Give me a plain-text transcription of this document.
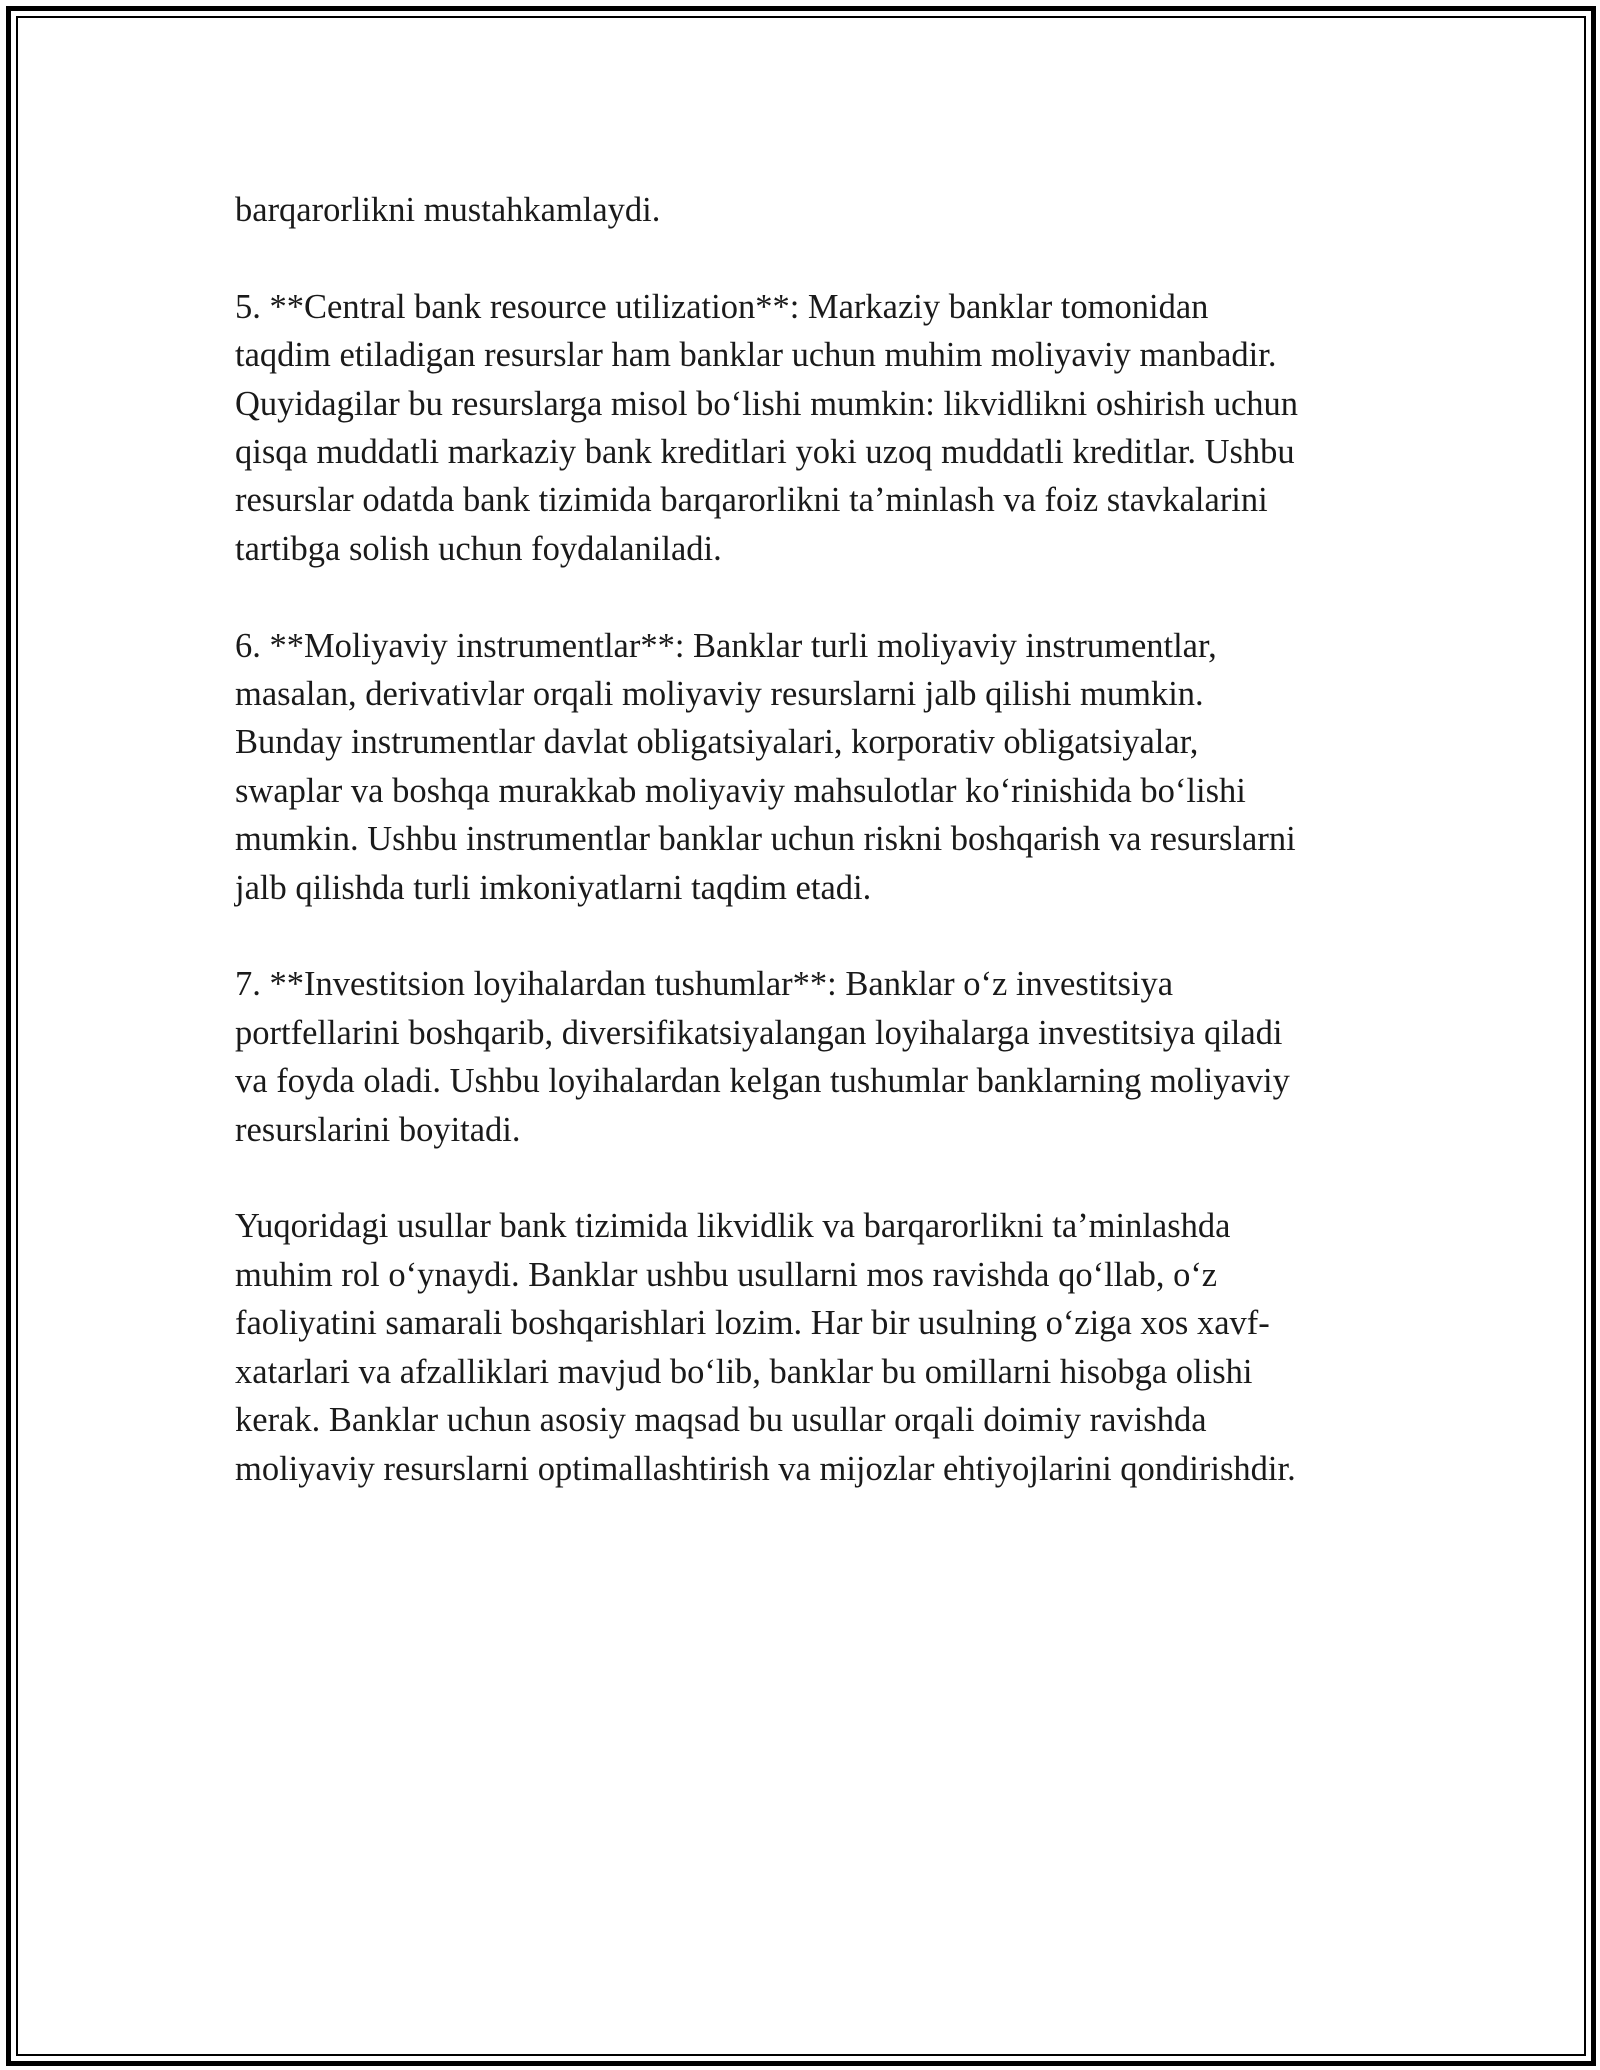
barqarorlikni mustahkamlaydi.

5. **Central bank resource utilization**: Markaziy banklar tomonidan
taqdim etiladigan resurslar ham banklar uchun muhim moliyaviy manbadir.
Quyidagilar bu resurslarga misol boʻlishi mumkin: likvidlikni oshirish uchun
qisqa muddatli markaziy bank kreditlari yoki uzoq muddatli kreditlar. Ushbu
resurslar odatda bank tizimida barqarorlikni taʼminlash va foiz stavkalarini
tartibga solish uchun foydalaniladi.

6. **Moliyaviy instrumentlar**: Banklar turli moliyaviy instrumentlar,
masalan, derivativlar orqali moliyaviy resurslarni jalb qilishi mumkin.
Bunday instrumentlar davlat obligatsiyalari, korporativ obligatsiyalar,
swaplar va boshqa murakkab moliyaviy mahsulotlar koʻrinishida boʻlishi
mumkin. Ushbu instrumentlar banklar uchun riskni boshqarish va resurslarni
jalb qilishda turli imkoniyatlarni taqdim etadi.

7. **Investitsion loyihalardan tushumlar**: Banklar oʻz investitsiya
portfellarini boshqarib, diversifikatsiyalangan loyihalarga investitsiya qiladi
va foyda oladi. Ushbu loyihalardan kelgan tushumlar banklarning moliyaviy
resurslarini boyitadi.

Yuqoridagi usullar bank tizimida likvidlik va barqarorlikni taʼminlashda
muhim rol oʻynaydi. Banklar ushbu usullarni mos ravishda qoʻllab, oʻz
faoliyatini samarali boshqarishlari lozim. Har bir usulning oʻziga xos xavf-
xatarlari va afzalliklari mavjud boʻlib, banklar bu omillarni hisobga olishi
kerak. Banklar uchun asosiy maqsad bu usullar orqali doimiy ravishda
moliyaviy resurslarni optimallashtirish va mijozlar ehtiyojlarini qondirishdir.
